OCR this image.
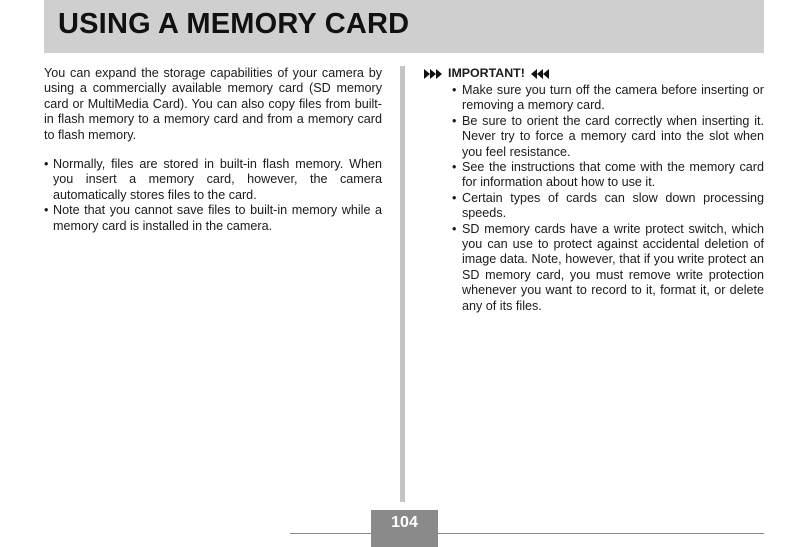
USING A MEMORY CARD

You can expand the storage capabilities of your camera by using a commercially available memory card (SD memory card or MultiMedia Card). You can also copy files from built-in flash memory to a memory card and from a memory card to flash memory.

• Normally, files are stored in built-in flash memory. When you insert a memory card, however, the camera automatically stores files to the card.
• Note that you cannot save files to built-in memory while a memory card is installed in the camera.
IMPORTANT!
• Make sure you turn off the camera before inserting or removing a memory card.
• Be sure to orient the card correctly when inserting it. Never try to force a memory card into the slot when you feel resistance.
• See the instructions that come with the memory card for information about how to use it.
• Certain types of cards can slow down processing speeds.
• SD memory cards have a write protect switch, which you can use to protect against accidental deletion of image data. Note, however, that if you write protect an SD memory card, you must remove write protection whenever you want to record to it, format it, or delete any of its files.
104
